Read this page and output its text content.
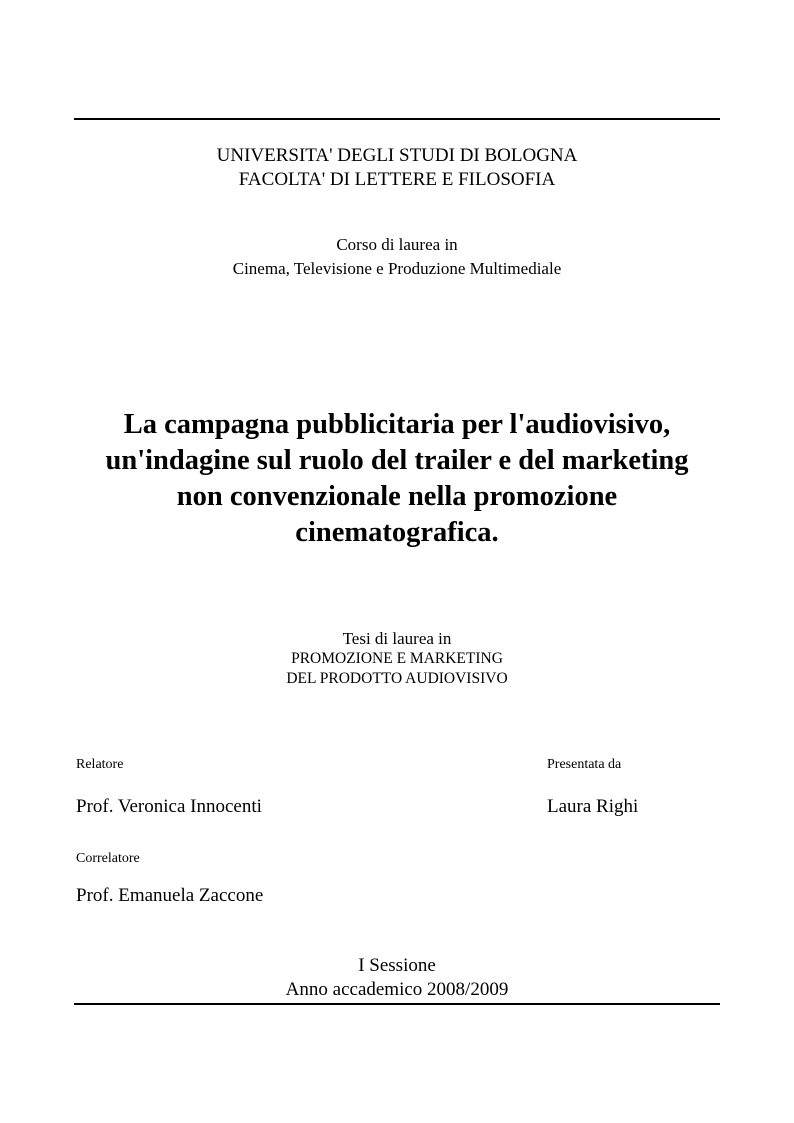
UNIVERSITA' DEGLI STUDI DI BOLOGNA
FACOLTA' DI LETTERE E FILOSOFIA
Corso di laurea in
Cinema, Televisione e Produzione Multimediale
La campagna pubblicitaria per l'audiovisivo,
un'indagine sul ruolo del trailer e del marketing
non convenzionale nella promozione
cinematografica.
Tesi di laurea in
PROMOZIONE E MARKETING
DEL PRODOTTO AUDIOVISIVO
Relatore
Prof. Veronica Innocenti
Presentata da
Laura Righi
Correlatore
Prof. Emanuela Zaccone
I Sessione
Anno accademico 2008/2009
